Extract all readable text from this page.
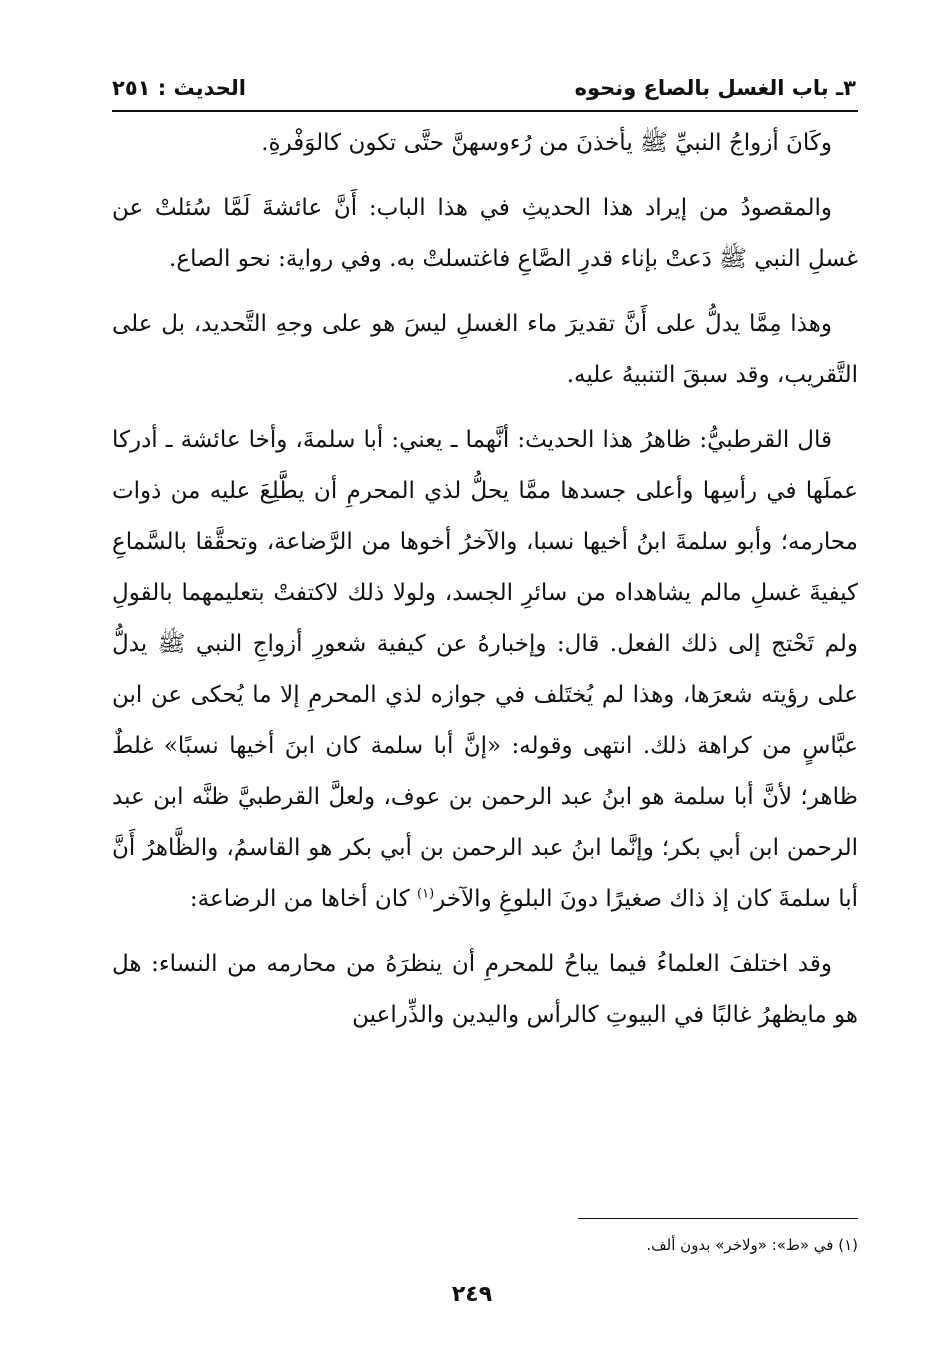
٣ـ باب الغسل بالصاع ونحوه
الحديث : ٢٥١

وكَانَ أزواجُ النبيِّ ﷺ يأخذنَ من رُءوسهنَّ حتَّى تكون كالوَفْرةِ.

والمقصودُ من إيراد هذا الحديثِ في هذا الباب: أَنَّ عائشةَ لَمَّا سُئلتْ عن غسلِ النبي ﷺ دَعتْ بإناء قدرِ الصَّاعِ فاغتسلتْ به. وفي رواية: نحو الصاع.

وهذا مِمَّا يدلُّ على أَنَّ تقديرَ ماء الغسلِ ليسَ هو على وجهِ التَّحديد، بل على التَّقريب، وقد سبقَ التنبيهُ عليه.

قال القرطبيُّ: ظاهرُ هذا الحديث: أنَّهما ـ يعني: أبا سلمةَ، وأخا عائشة ـ أدركا عملَها في رأسِها وأعلى جسدها ممَّا يحلُّ لذي المحرمِ أن يطَّلِعَ عليه من ذوات محارمه؛ وأبو سلمةَ ابنُ أخيها نسبا، والآخرُ أخوها من الرَّضاعة، وتحقَّقا بالسَّماعِ كيفيةَ غسلِ مالم يشاهداه من سائرِ الجسد، ولولا ذلك لاكتفتْ بتعليمهما بالقولِ ولم تَحْتج إلى ذلك الفعل. قال: وإخبارهُ عن كيفية شعورِ أزواجِ النبي ﷺ يدلُّ على رؤيته شعرَها، وهذا لم يُختَلف في جوازه لذي المحرمِ إلا ما يُحكى عن ابن عبَّاسٍ من كراهة ذلك. انتهى وقوله: «إنَّ أبا سلمة كان ابنَ أخيها نسبًا» غلطٌ ظاهر؛ لأنَّ أبا سلمة هو ابنُ عبد الرحمن بن عوف، ولعلَّ القرطبيَّ ظنَّه ابن عبد الرحمن ابن أبي بكر؛ وإنَّما ابنُ عبد الرحمن بن أبي بكر هو القاسمُ، والظَّاهرُ أَنَّ أبا سلمةَ كان إذ ذاك صغيرًا دونَ البلوغِ والآخر$^{(١)}$ كان أخاها من الرضاعة:

وقد اختلفَ العلماءُ فيما يباحُ للمحرمِ أن ينظرَهُ من محارمه من النساء: هل هو مايظهرُ غالبًا في البيوتِ كالرأس واليدين والذِّراعين

(١) في «ط»: «ولاخر» بدون ألف.
٢٤٩
